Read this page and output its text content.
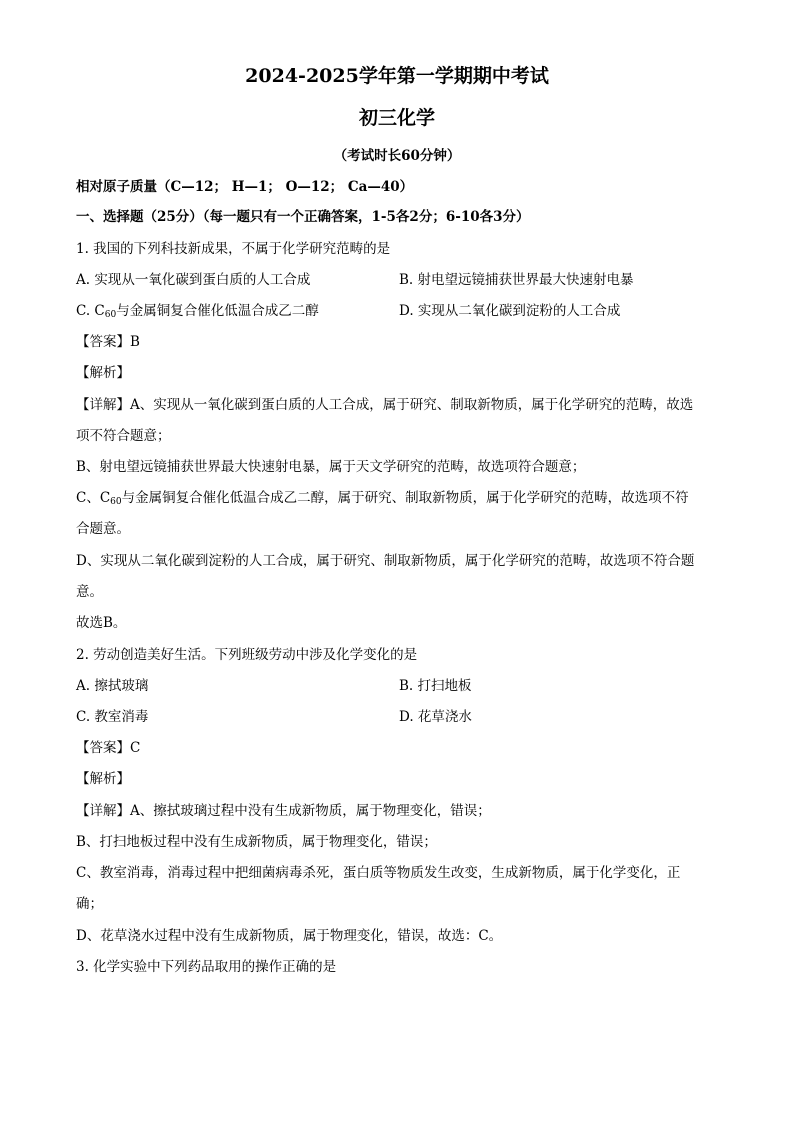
2024-2025学年第一学期期中考试
初三化学
（考试时长60分钟）
相对原子质量（C—12； H—1； O—12； Ca—40）
一、选择题（25分）（每一题只有一个正确答案，1-5各2分；6-10各3分）
1. 我国的下列科技新成果，不属于化学研究范畴的是
A. 实现从一氧化碳到蛋白质的人工合成	B. 射电望远镜捕获世界最大快速射电暴
C. $C_{60}$与金属铜复合催化低温合成乙二醇	D. 实现从二氧化碳到淀粉的人工合成
【答案】B
【解析】
【详解】A、实现从一氧化碳到蛋白质的人工合成，属于研究、制取新物质，属于化学研究的范畴，故选
项不符合题意；
B、射电望远镜捕获世界最大快速射电暴，属于天文学研究的范畴，故选项符合题意；
C、$C_{60}$与金属铜复合催化低温合成乙二醇，属于研究、制取新物质，属于化学研究的范畴，故选项不符
合题意。
D、实现从二氧化碳到淀粉的人工合成，属于研究、制取新物质，属于化学研究的范畴，故选项不符合题
意。
故选B。
2. 劳动创造美好生活。下列班级劳动中涉及化学变化的是
A. 擦拭玻璃	B. 打扫地板
C. 教室消毒	D. 花草浇水
【答案】C
【解析】
【详解】A、擦拭玻璃过程中没有生成新物质，属于物理变化，错误；
B、打扫地板过程中没有生成新物质，属于物理变化，错误；
C、教室消毒，消毒过程中把细菌病毒杀死，蛋白质等物质发生改变，生成新物质，属于化学变化，正
确；
D、花草浇水过程中没有生成新物质，属于物理变化，错误，故选：C。
3. 化学实验中下列药品取用的操作正确的是
